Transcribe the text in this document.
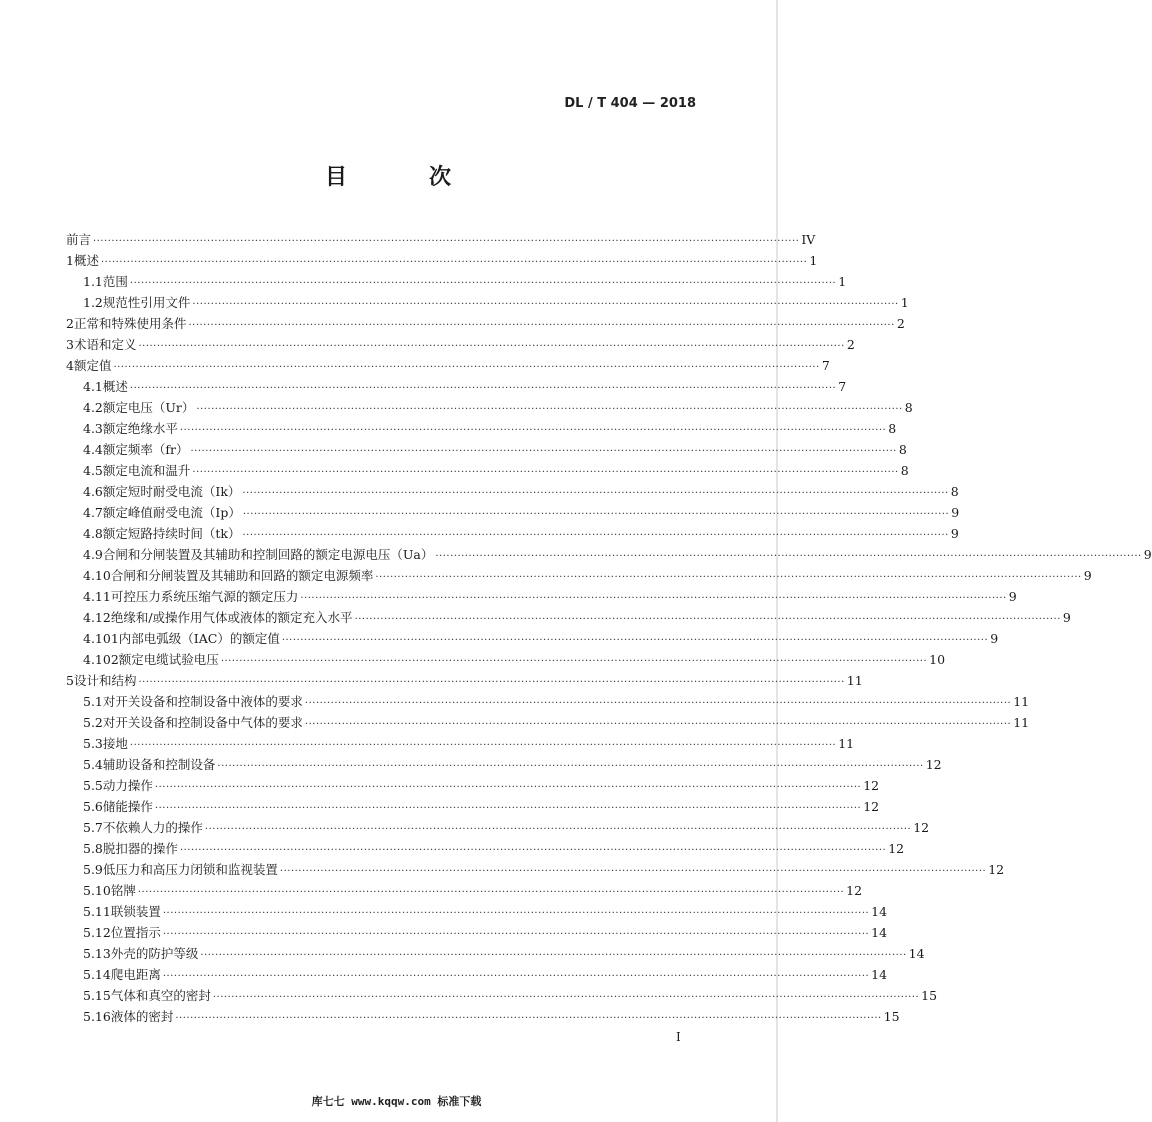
DL / T 404 — 2018
目　次
前言 ································································································································································································ IV
1 概述 ································································································································································································ 1
1.1 范围 ································································································································································································ 1
1.2 规范性引用文件 ································································································································································································ 1
2 正常和特殊使用条件 ································································································································································································ 2
3 术语和定义 ································································································································································································ 2
4 额定值 ································································································································································································ 7
4.1 概述 ································································································································································································ 7
4.2 额定电压（Ur） ································································································································································································ 8
4.3 额定绝缘水平 ································································································································································································ 8
4.4 额定频率（fr） ································································································································································································ 8
4.5 额定电流和温升 ································································································································································································ 8
4.6 额定短时耐受电流（Ik） ································································································································································································ 8
4.7 额定峰值耐受电流（Ip） ································································································································································································ 9
4.8 额定短路持续时间（tk） ································································································································································································ 9
4.9 合闸和分闸装置及其辅助和控制回路的额定电源电压（Ua） ································································································································································································ 9
4.10 合闸和分闸装置及其辅助和回路的额定电源频率 ································································································································································································ 9
4.11 可控压力系统压缩气源的额定压力 ································································································································································································ 9
4.12 绝缘和/或操作用气体或液体的额定充入水平 ································································································································································································ 9
4.101 内部电弧级（IAC）的额定值 ································································································································································································ 9
4.102 额定电缆试验电压 ································································································································································································ 10
5 设计和结构 ································································································································································································ 11
5.1 对开关设备和控制设备中液体的要求 ································································································································································································ 11
5.2 对开关设备和控制设备中气体的要求 ································································································································································································ 11
5.3 接地 ································································································································································································ 11
5.4 辅助设备和控制设备 ································································································································································································ 12
5.5 动力操作 ································································································································································································ 12
5.6 储能操作 ································································································································································································ 12
5.7 不依赖人力的操作 ································································································································································································ 12
5.8 脱扣器的操作 ································································································································································································ 12
5.9 低压力和高压力闭锁和监视装置 ································································································································································································ 12
5.10 铭牌 ································································································································································································ 12
5.11 联锁装置 ································································································································································································ 14
5.12 位置指示 ································································································································································································ 14
5.13 外壳的防护等级 ································································································································································································ 14
5.14 爬电距离 ································································································································································································ 14
5.15 气体和真空的密封 ································································································································································································ 15
5.16 液体的密封 ································································································································································································ 15
I
库七七 www.kqqw.com 标准下载
